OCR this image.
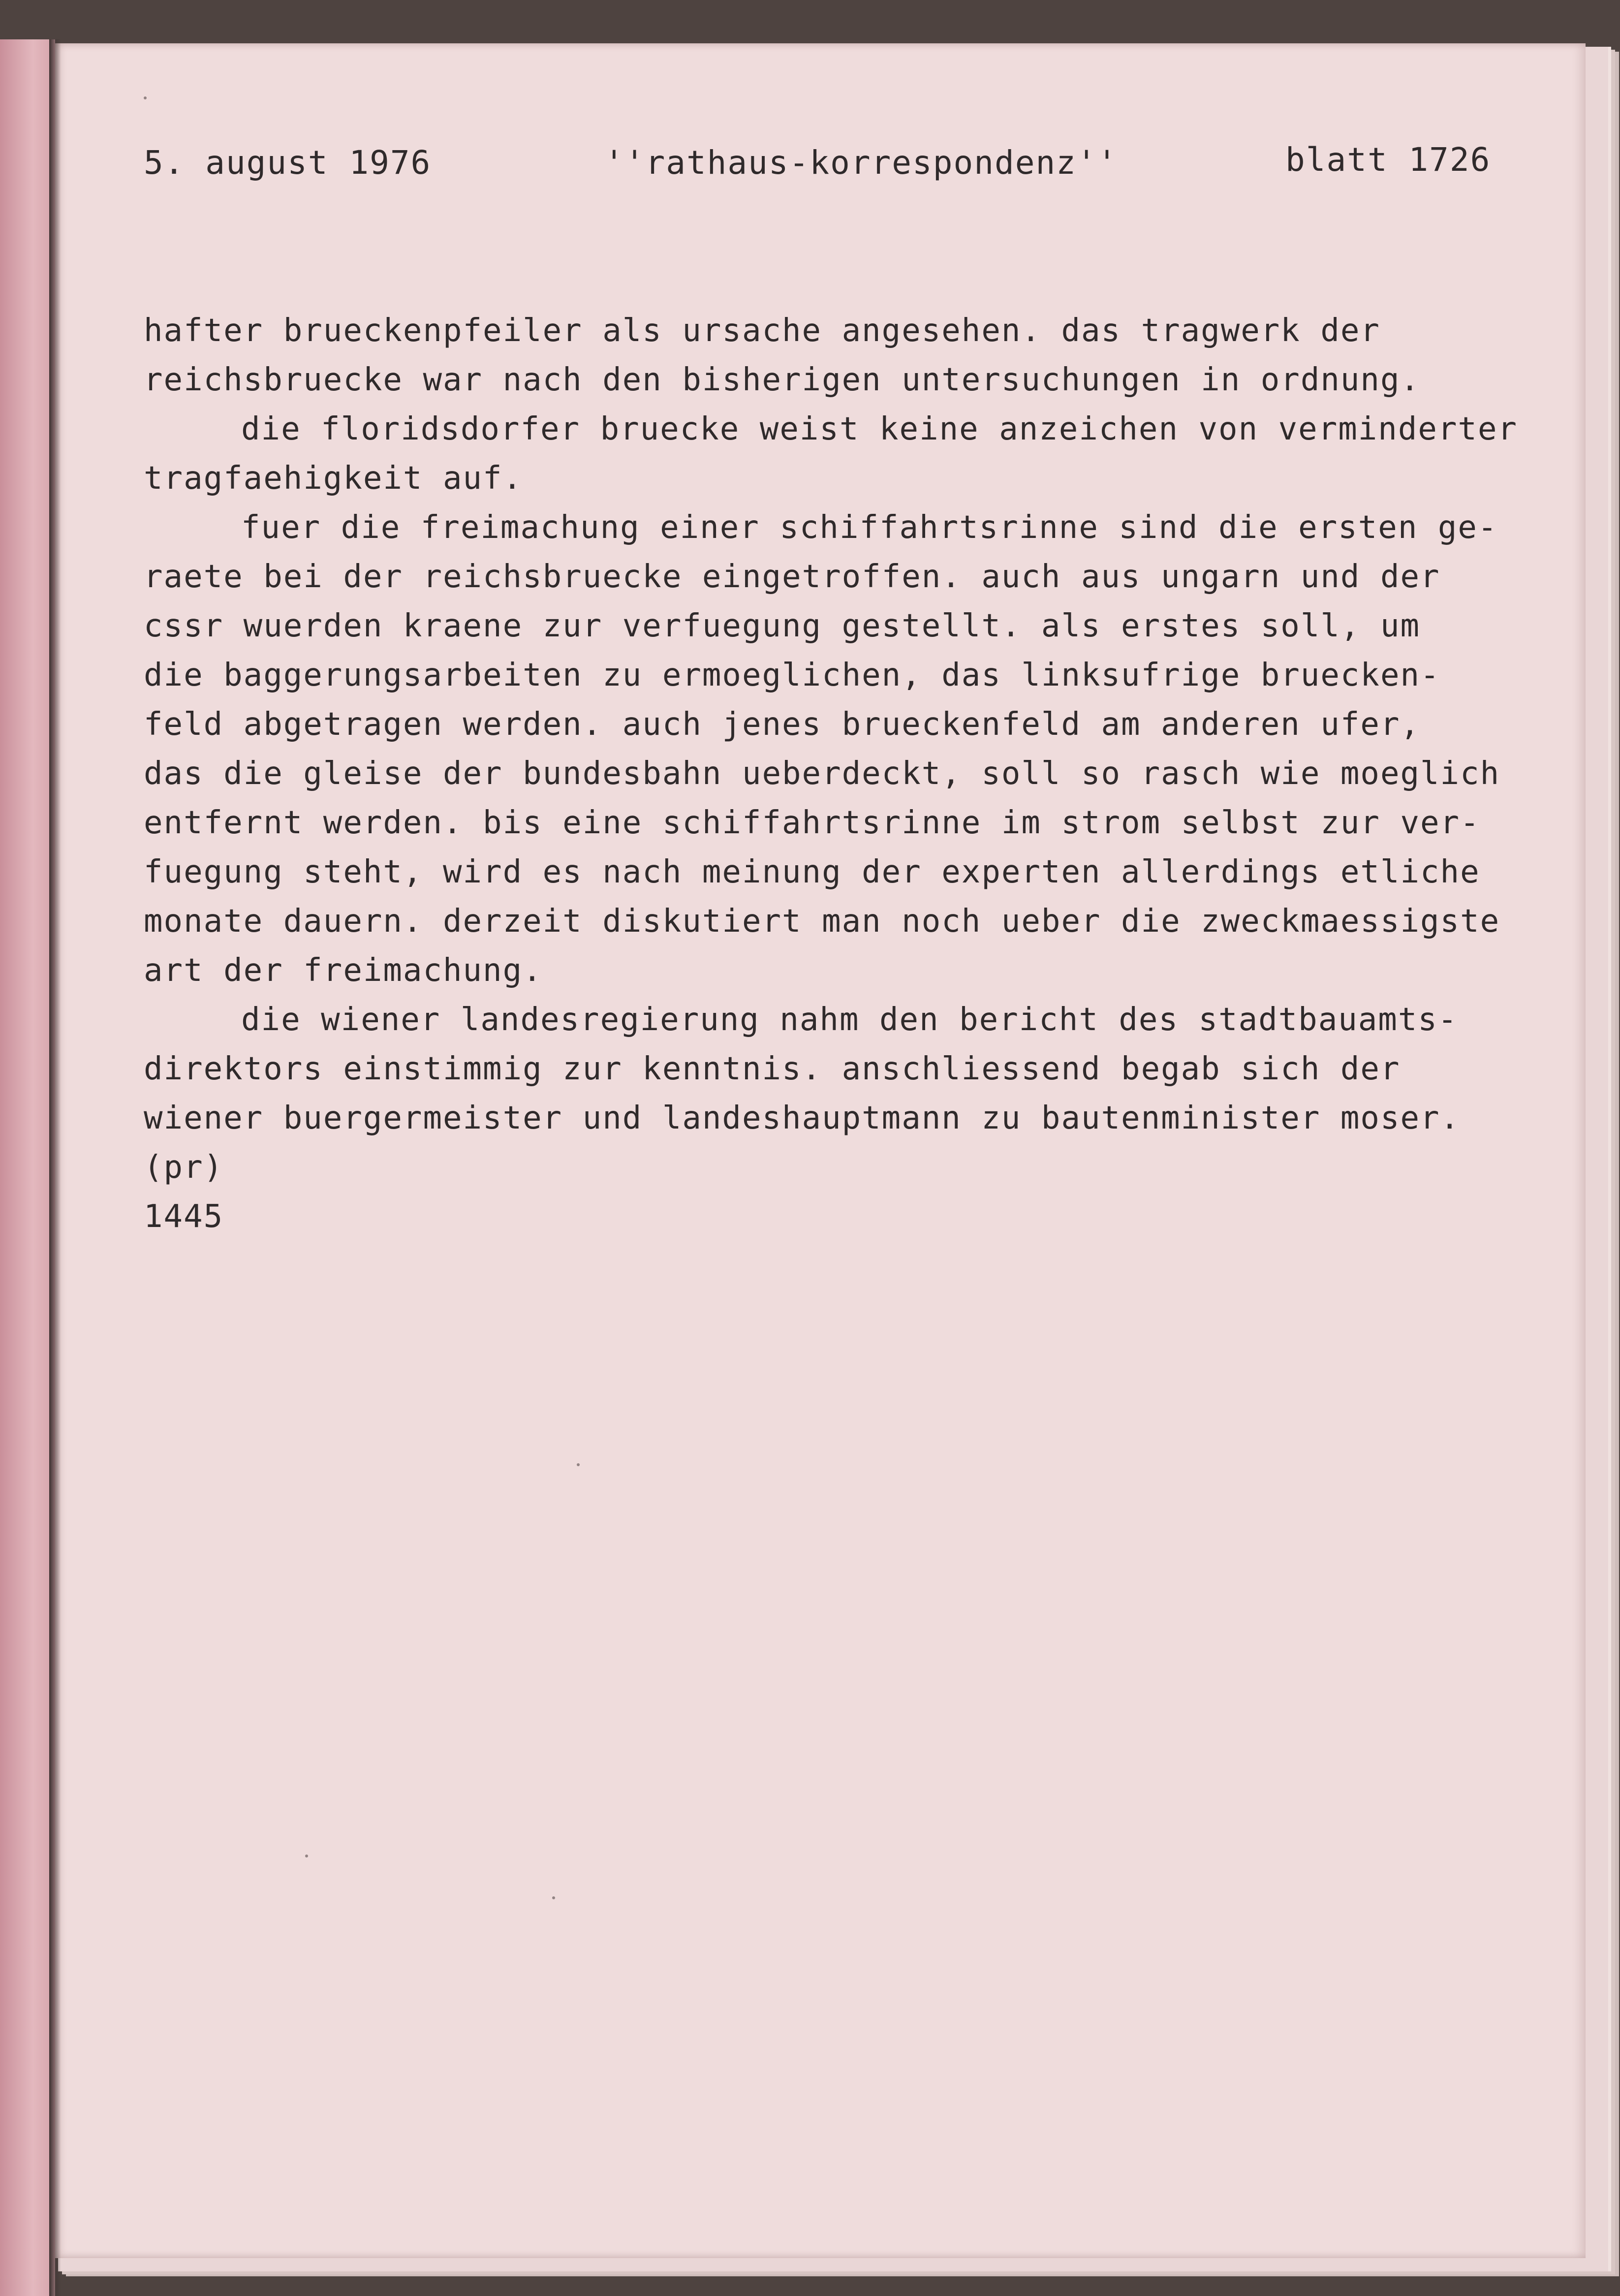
5. august 1976	''rathaus-korrespondenz''	blatt 1726
hafter brueckenpfeiler als ursache angesehen. das tragwerk der
reichsbruecke war nach den bisherigen untersuchungen in ordnung.
die floridsdorfer bruecke weist keine anzeichen von verminderter
tragfaehigkeit auf.
fuer die freimachung einer schiffahrtsrinne sind die ersten ge-
raete bei der reichsbruecke eingetroffen. auch aus ungarn und der
cssr wuerden kraene zur verfuegung gestellt. als erstes soll, um
die baggerungsarbeiten zu ermoeglichen, das linksufrige bruecken-
feld abgetragen werden. auch jenes brueckenfeld am anderen ufer,
das die gleise der bundesbahn ueberdeckt, soll so rasch wie moeglich
entfernt werden. bis eine schiffahrtsrinne im strom selbst zur ver-
fuegung steht, wird es nach meinung der experten allerdings etliche
monate dauern. derzeit diskutiert man noch ueber die zweckmaessigste
art der freimachung.
die wiener landesregierung nahm den bericht des stadtbauamts-
direktors einstimmig zur kenntnis. anschliessend begab sich der
wiener buergermeister und landeshauptmann zu bautenminister moser.
(pr)
1445
